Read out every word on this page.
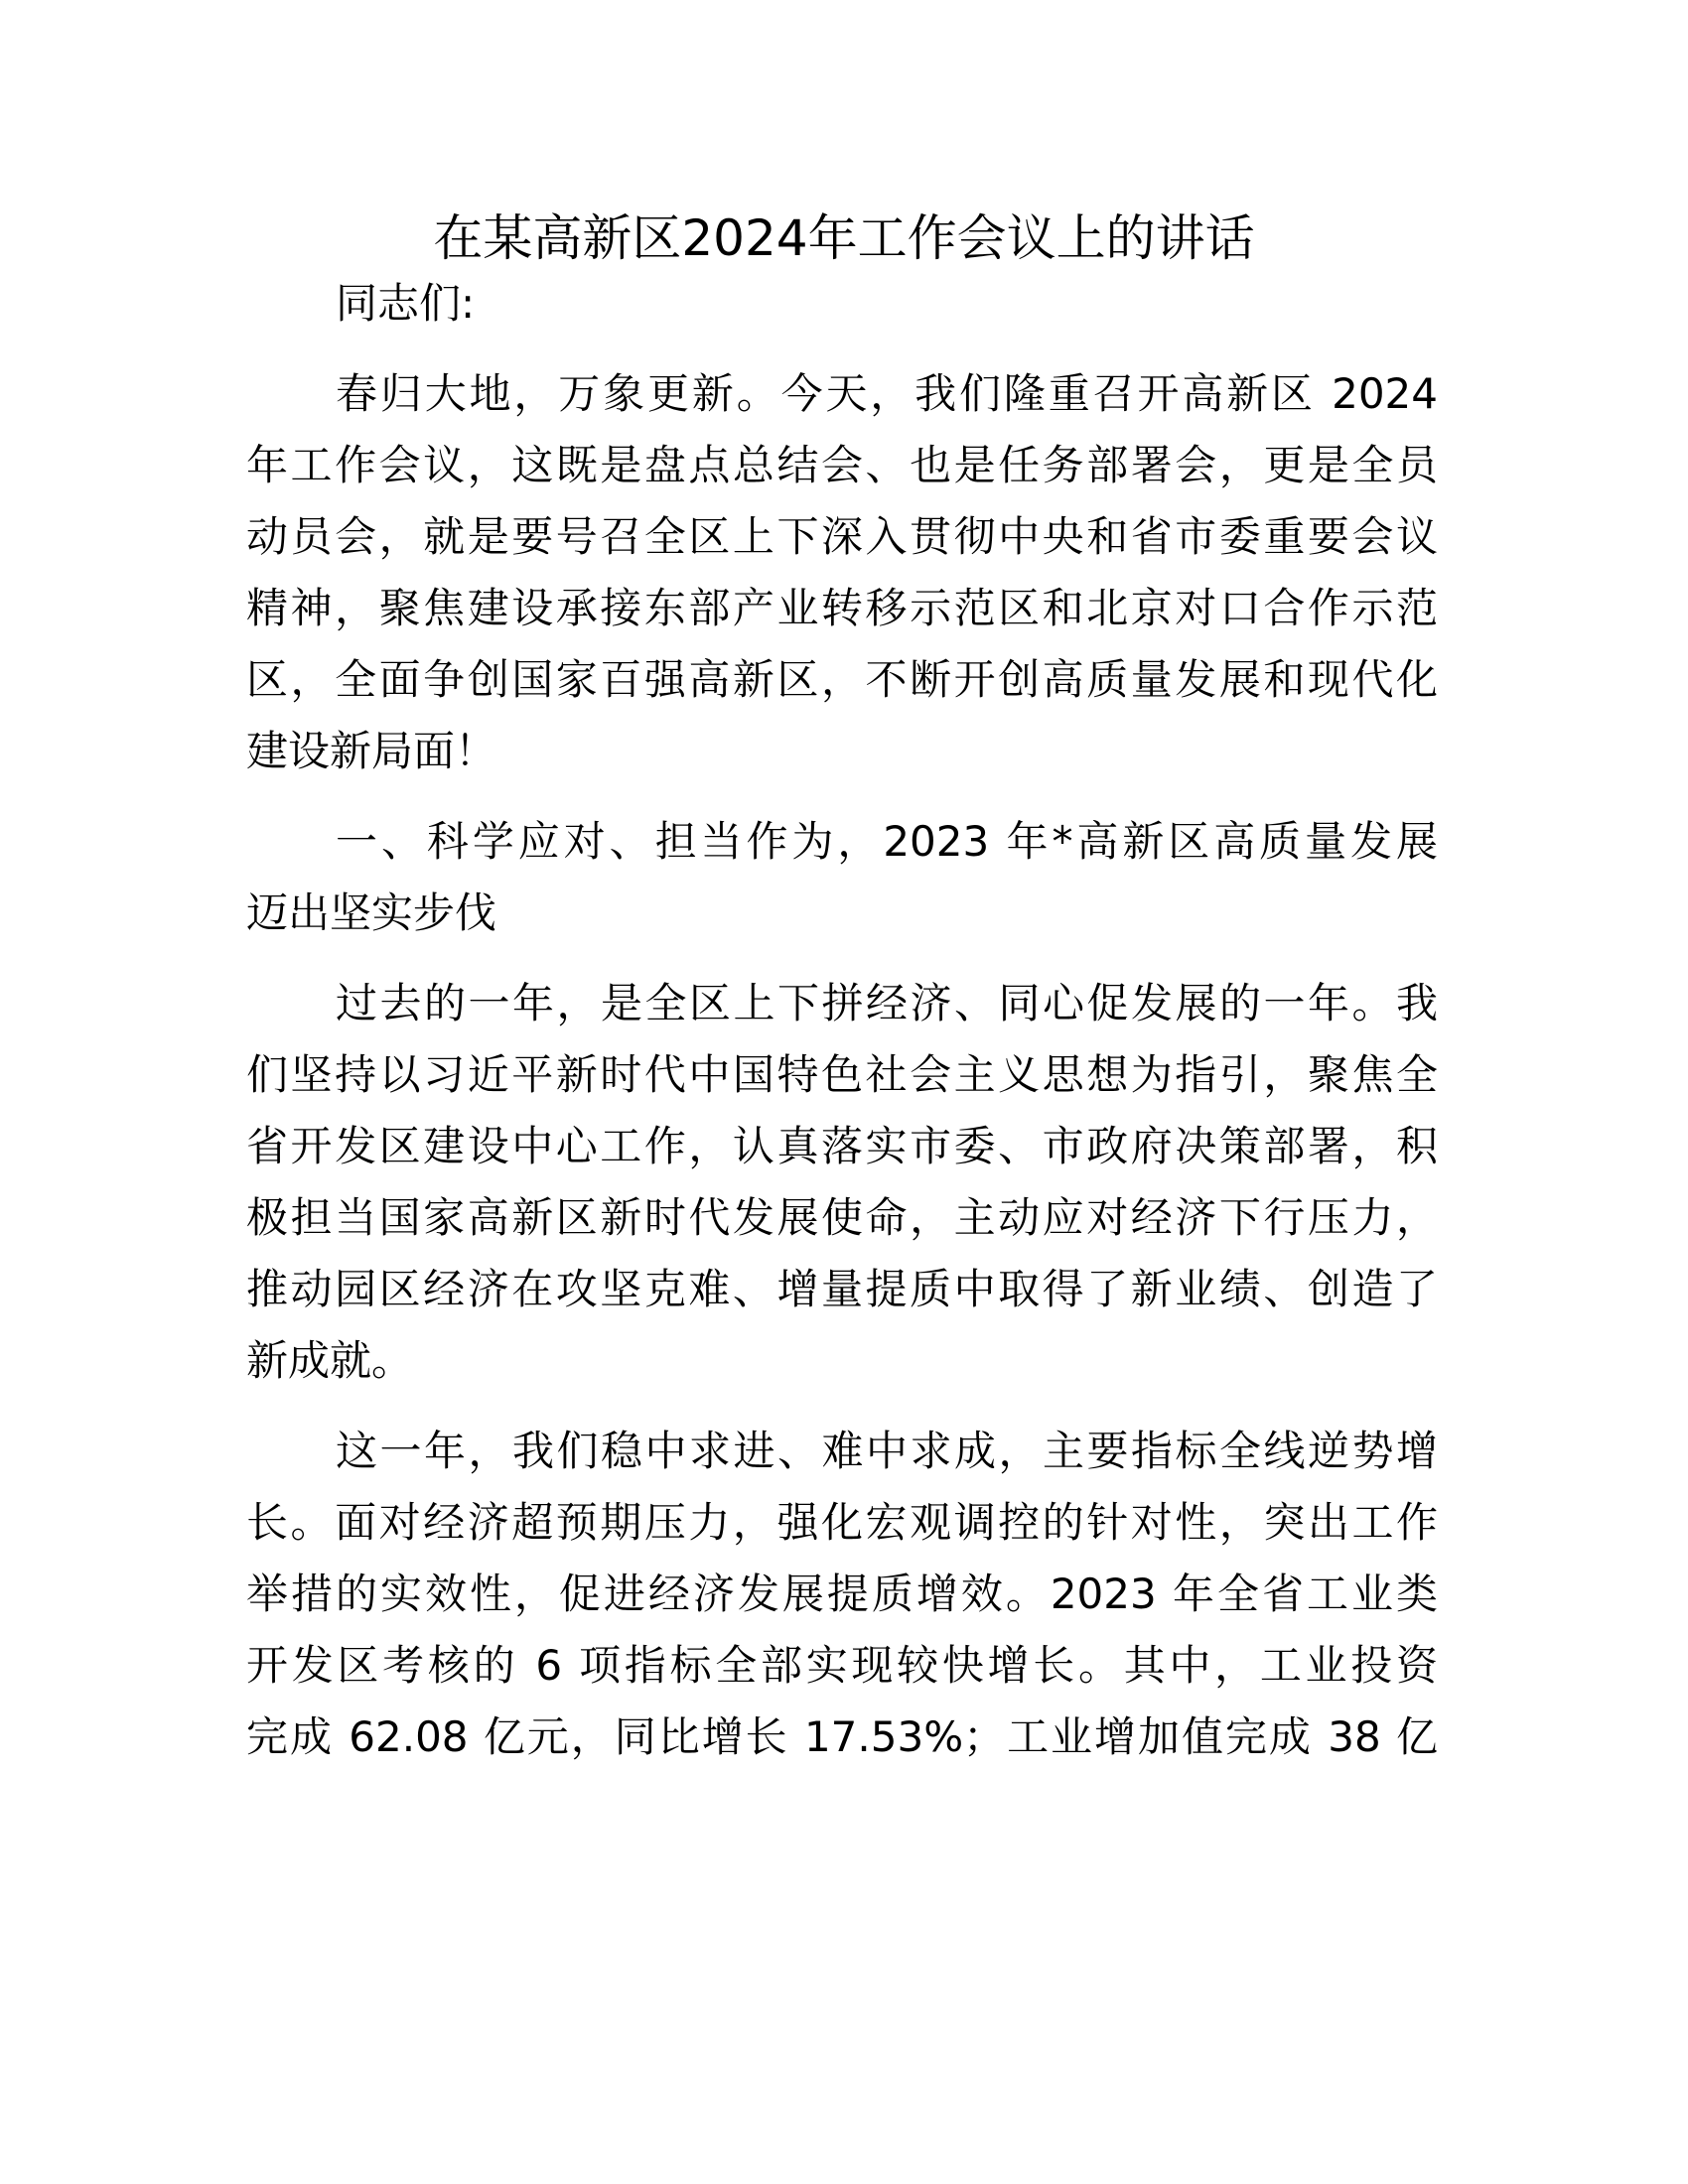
在某高新区2024年工作会议上的讲话
同志们:
春归大地，万象更新。今天，我们隆重召开高新区 2024
年工作会议，这既是盘点总结会、也是任务部署会，更是全员
动员会，就是要号召全区上下深入贯彻中央和省市委重要会议
精神，聚焦建设承接东部产业转移示范区和北京对口合作示范
区，全面争创国家百强高新区，不断开创高质量发展和现代化
建设新局面！
一、科学应对、担当作为，2023 年*高新区高质量发展
迈出坚实步伐
过去的一年，是全区上下拼经济、同心促发展的一年。我
们坚持以习近平新时代中国特色社会主义思想为指引，聚焦全
省开发区建设中心工作，认真落实市委、市政府决策部署，积
极担当国家高新区新时代发展使命，主动应对经济下行压力，
推动园区经济在攻坚克难、增量提质中取得了新业绩、创造了
新成就。
这一年，我们稳中求进、难中求成，主要指标全线逆势增
长。面对经济超预期压力，强化宏观调控的针对性，突出工作
举措的实效性，促进经济发展提质增效。2023 年全省工业类
开发区考核的 6 项指标全部实现较快增长。其中，工业投资
完成 62.08 亿元，同比增长 17.53%；工业增加值完成 38 亿
